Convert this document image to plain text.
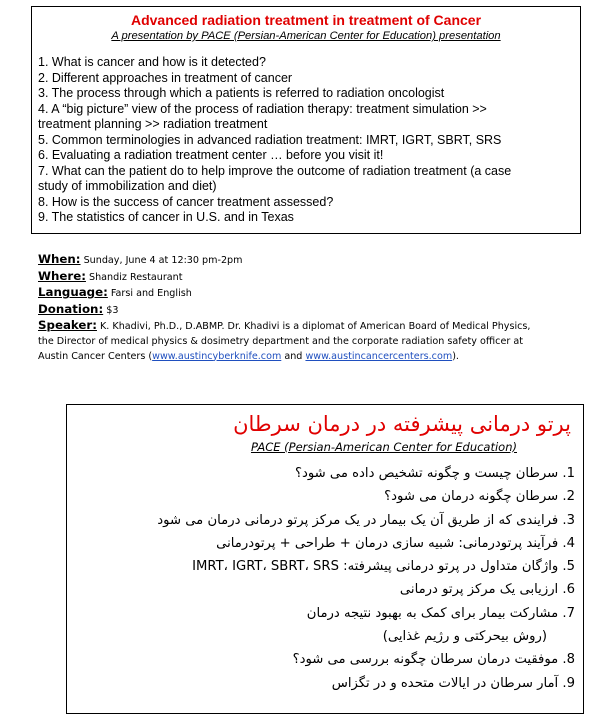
Advanced radiation treatment in treatment of Cancer
A presentation by PACE (Persian-American Center for Education) presentation
1. What is cancer and how is it detected?
2. Different approaches in treatment of cancer
3. The process through which a patients is referred to radiation oncologist
4. A “big picture” view of the process of radiation therapy: treatment simulation >>
treatment planning >> radiation treatment
5. Common terminologies in advanced radiation treatment: IMRT, IGRT, SBRT, SRS
6. Evaluating a radiation treatment center … before you visit it!
7. What can the patient do to help improve the outcome of radiation treatment (a case
study of immobilization and diet)
8. How is the success of cancer treatment assessed?
9. The statistics of cancer in U.S. and in Texas
When: Sunday, June 4 at 12:30 pm-2pm
Where: Shandiz Restaurant
Language: Farsi and English
Donation: $3
Speaker: K. Khadivi, Ph.D., D.ABMP. Dr. Khadivi is a diplomat of American Board of Medical Physics,
the Director of medical physics & dosimetry department and the corporate radiation safety officer at
Austin Cancer Centers (www.austincyberknife.com and www.austincancercenters.com).
پرتو درمانی پیشرفته در درمان سرطان
PACE (Persian-American Center for Education)
1. سرطان چیست و چگونه تشخیص داده می شود؟
2. سرطان چگونه درمان می شود؟
3. فرایندی که از طریق آن یک بیمار در یک مرکز پرتو درمانی درمان می شود
4. فرآیند پرتودرمانی: شبیه سازی درمان + طراحی + پرتودرمانی
5. واژگان متداول در پرتو درمانی پیشرفته: IMRT، IGRT، SBRT، SRS
6. ارزیابی یک مرکز پرتو درمانی
7. مشارکت بیمار برای کمک به بهبود نتیجه درمان
(روش بیحرکتی و رژیم غذایی)
8. موفقیت درمان سرطان چگونه بررسی می شود؟
9. آمار سرطان در ایالات متحده و در تگزاس
